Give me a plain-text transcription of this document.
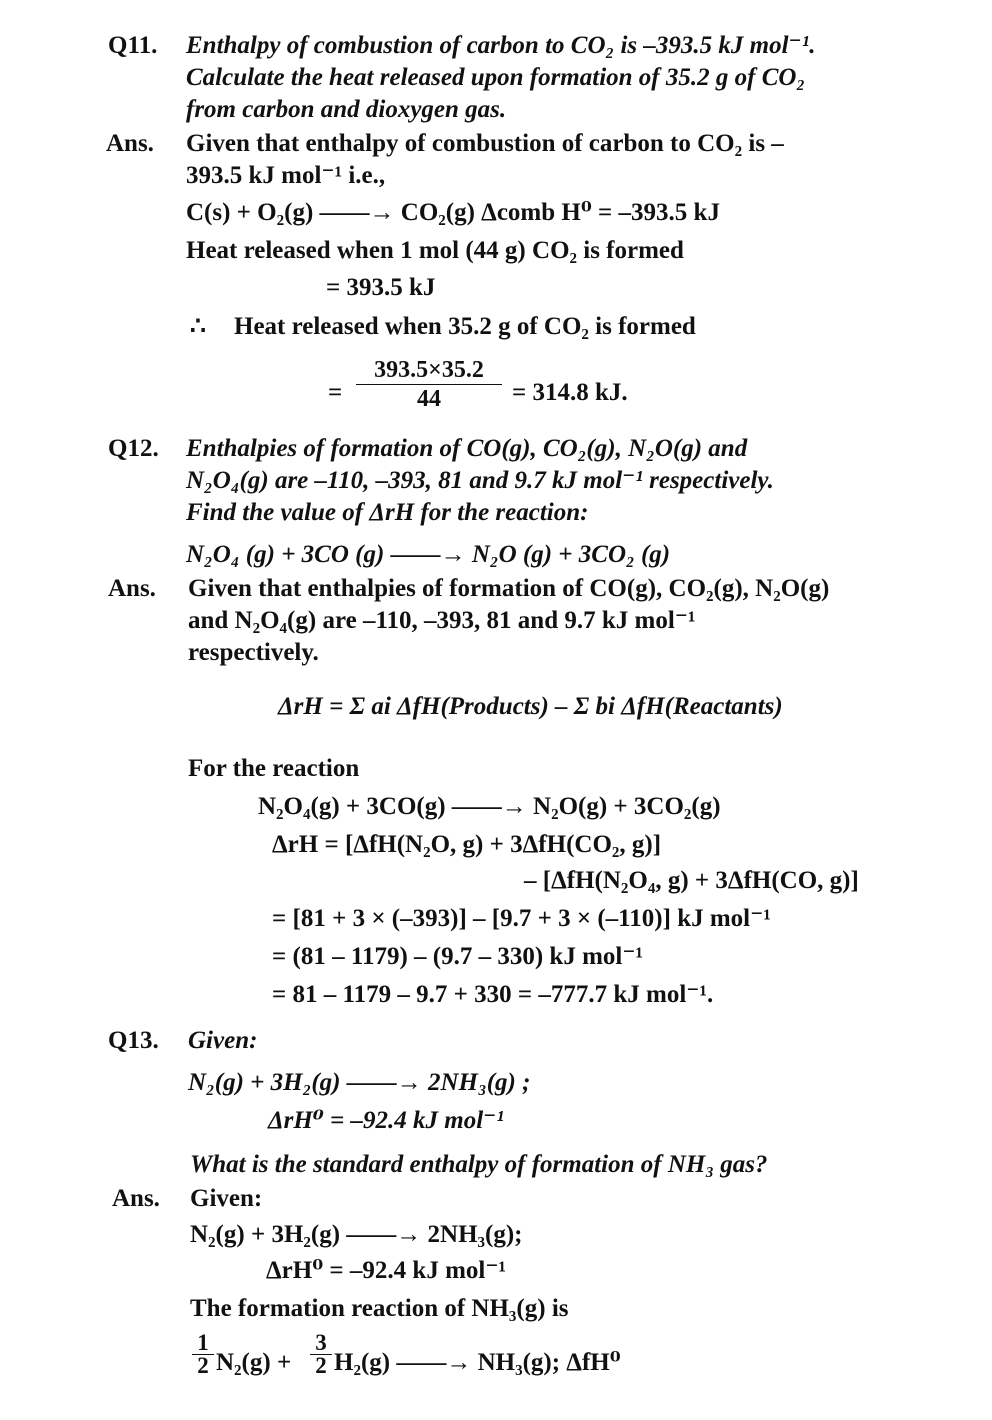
Q11. Enthalpy of combustion of carbon to CO₂ is –393.5 kJ mol⁻¹.
Calculate the heat released upon formation of 35.2 g of CO₂
from carbon and dioxygen gas.
Ans. Given that enthalpy of combustion of carbon to CO₂ is –
393.5 kJ mol⁻¹ i.e.,
C(s) + O₂(g) ——→ CO₂(g) Δcomb H⁰ = –393.5 kJ
Heat released when 1 mol (44 g) CO₂ is formed
= 393.5 kJ
∴ Heat released when 35.2 g of CO₂ is formed
=
393.5×35.2
44	= 314.8 kJ.
Q12. Enthalpies of formation of CO(g), CO₂(g), N₂O(g) and
N₂O₄(g) are –110, –393, 81 and 9.7 kJ mol⁻¹ respectively.
Find the value of ΔrH for the reaction:
N₂O₄ (g) + 3CO (g) ——→ N₂O (g) + 3CO₂ (g)
Ans. Given that enthalpies of formation of CO(g), CO₂(g), N₂O(g)
and N₂O₄(g) are –110, –393, 81 and 9.7 kJ mol⁻¹
respectively.
ΔrH = Σ ai ΔfH(Products) – Σ bi ΔfH(Reactants)
For the reaction
N₂O₄(g) + 3CO(g) ——→ N₂O(g) + 3CO₂(g)
ΔrH = [ΔfH(N₂O, g) + 3ΔfH(CO₂, g)]
– [ΔfH(N₂O₄, g) + 3ΔfH(CO, g)]
= [81 + 3 × (–393)] – [9.7 + 3 × (–110)] kJ mol⁻¹
= (81 – 1179) – (9.7 – 330) kJ mol⁻¹
= 81 – 1179 – 9.7 + 330 = –777.7 kJ mol⁻¹.
Q13. Given:
N₂(g) + 3H₂(g) ——→ 2NH₃(g) ;
ΔrH⁰ = –92.4 kJ mol⁻¹
What is the standard enthalpy of formation of NH₃ gas?
Ans. Given:
N₂(g) + 3H₂(g) ——→ 2NH₃(g);
ΔrH⁰ = –92.4 kJ mol⁻¹
The formation reaction of NH₃(g) is
1
2 N₂(g) +
3
2 H₂(g) ——→ NH₃(g); ΔfH⁰
